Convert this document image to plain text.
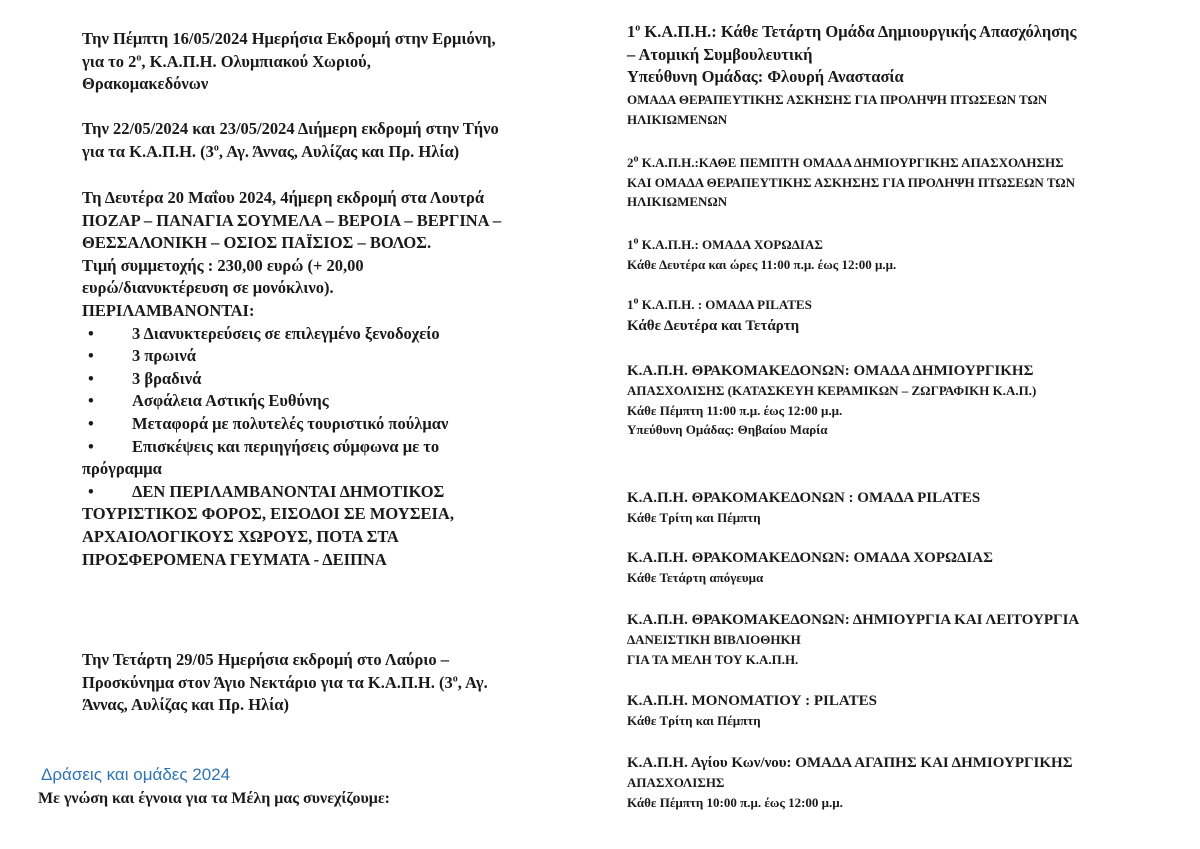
Την Πέμπτη 16/05/2024 Ημερήσια Εκδρομή στην Ερμιόνη,
για το $2^o$, Κ.Α.Π.Η. Ολυμπιακού Χωριού,
Θρακομακεδόνων
Την 22/05/2024 και 23/05/2024 Διήμερη εκδρομή στην Τήνο
για τα Κ.Α.Π.Η. ($3^o$, Αγ. Άννας, Αυλίζας και Πρ. Ηλία)
Τη Δευτέρα 20 Μαΐου 2024, 4ήμερη εκδρομή στα Λουτρά
ΠΟΖΑΡ – ΠΑΝΑΓΙΑ ΣΟΥΜΕΛΑ – ΒΕΡΟΙΑ – ΒΕΡΓΙΝΑ –
ΘΕΣΣΑΛΟΝΙΚΗ – ΟΣΙΟΣ ΠΑΪΣΙΟΣ – ΒΟΛΟΣ.
Τιμή συμμετοχής : 230,00 ευρώ (+ 20,00
ευρώ/διανυκτέρευση σε μονόκλινο).
ΠΕΡΙΛΑΜΒΑΝΟΝΤΑΙ:
• 3 Διανυκτερεύσεις σε επιλεγμένο ξενοδοχείο
• 3 πρωινά
• 3 βραδινά
• Ασφάλεια Αστικής Ευθύνης
• Μεταφορά με πολυτελές τουριστικό πούλμαν
• Επισκέψεις και περιηγήσεις σύμφωνα με το
πρόγραμμα
• ΔΕΝ ΠΕΡΙΛΑΜΒΑΝΟΝΤΑΙ ΔΗΜΟΤΙΚΟΣ
ΤΟΥΡΙΣΤΙΚΟΣ ΦΟΡΟΣ, ΕΙΣΟΔΟΙ ΣΕ ΜΟΥΣΕΙΑ,
ΑΡΧΑΙΟΛΟΓΙΚΟΥΣ ΧΩΡΟΥΣ, ΠΟΤΑ ΣΤΑ
ΠΡΟΣΦΕΡΟΜΕΝΑ ΓΕΥΜΑΤΑ - ΔΕΙΠΝΑ
Την Τετάρτη 29/05 Ημερήσια εκδρομή στο Λαύριο –
Προσκύνημα στον Άγιο Νεκτάριο για τα Κ.Α.Π.Η. ($3^o$, Αγ.
Άννας, Αυλίζας και Πρ. Ηλία)
Δράσεις και ομάδες 2024
Με γνώση και έγνοια για τα Μέλη μας συνεχίζουμε:
$1^o$ Κ.Α.Π.Η.: Κάθε Τετάρτη Ομάδα Δημιουργικής Απασχόλησης
– Ατομική Συμβουλευτική
Υπεύθυνη Ομάδας: Φλουρή Αναστασία
ΟΜΑΔΑ ΘΕΡΑΠΕΥΤΙΚΗΣ ΑΣΚΗΣΗΣ ΓΙΑ ΠΡΟΛΗΨΗ ΠΤΩΣΕΩΝ ΤΩΝ
ΗΛΙΚΙΩΜΕΝΩΝ
$2^o$ Κ.Α.Π.Η.:ΚΑΘΕ ΠΕΜΠΤΗ ΟΜΑΔΑ ΔΗΜΙΟΥΡΓΙΚΗΣ ΑΠΑΣΧΟΛΗΣΗΣ
ΚΑΙ ΟΜΑΔΑ ΘΕΡΑΠΕΥΤΙΚΗΣ ΑΣΚΗΣΗΣ ΓΙΑ ΠΡΟΛΗΨΗ ΠΤΩΣΕΩΝ ΤΩΝ
ΗΛΙΚΙΩΜΕΝΩΝ
$1^o$ Κ.Α.Π.Η.: ΟΜΑΔΑ ΧΟΡΩΔΙΑΣ
Κάθε Δευτέρα και ώρες 11:00 π.μ. έως 12:00 μ.μ.
$1^o$ Κ.Α.Π.Η. : ΟΜΑΔΑ PILATES
Κάθε Δευτέρα και Τετάρτη
Κ.Α.Π.Η. ΘΡΑΚΟΜΑΚΕΔΟΝΩΝ: ΟΜΑΔΑ ΔΗΜΙΟΥΡΓΙΚΗΣ
ΑΠΑΣΧΟΛΙΣΗΣ (ΚΑΤΑΣΚΕΥΗ ΚΕΡΑΜΙΚΩΝ – ΖΩΓΡΑΦΙΚΗ Κ.Α.Π.)
Κάθε Πέμπτη 11:00 π.μ. έως 12:00 μ.μ.
Υπεύθυνη Ομάδας: Θηβαίου Μαρία
Κ.Α.Π.Η. ΘΡΑΚΟΜΑΚΕΔΟΝΩΝ : ΟΜΑΔΑ PILATES
Κάθε Τρίτη και Πέμπτη
Κ.Α.Π.Η. ΘΡΑΚΟΜΑΚΕΔΟΝΩΝ: ΟΜΑΔΑ ΧΟΡΩΔΙΑΣ
Κάθε Τετάρτη απόγευμα
Κ.Α.Π.Η. ΘΡΑΚΟΜΑΚΕΔΟΝΩΝ: ΔΗΜΙΟΥΡΓΙΑ ΚΑΙ ΛΕΙΤΟΥΡΓΙΑ
ΔΑΝΕΙΣΤΙΚΗ ΒΙΒΛΙΟΘΗΚΗ
ΓΙΑ ΤΑ ΜΕΛΗ ΤΟΥ Κ.Α.Π.Η.
Κ.Α.Π.Η. ΜΟΝΟΜΑΤΙΟΥ : PILATES
Κάθε Τρίτη και Πέμπτη
Κ.Α.Π.Η. Αγίου Κων/νου: ΟΜΑΔΑ ΑΓΑΠΗΣ ΚΑΙ ΔΗΜΙΟΥΡΓΙΚΗΣ
ΑΠΑΣΧΟΛΙΣΗΣ
Κάθε Πέμπτη 10:00 π.μ. έως 12:00 μ.μ.
